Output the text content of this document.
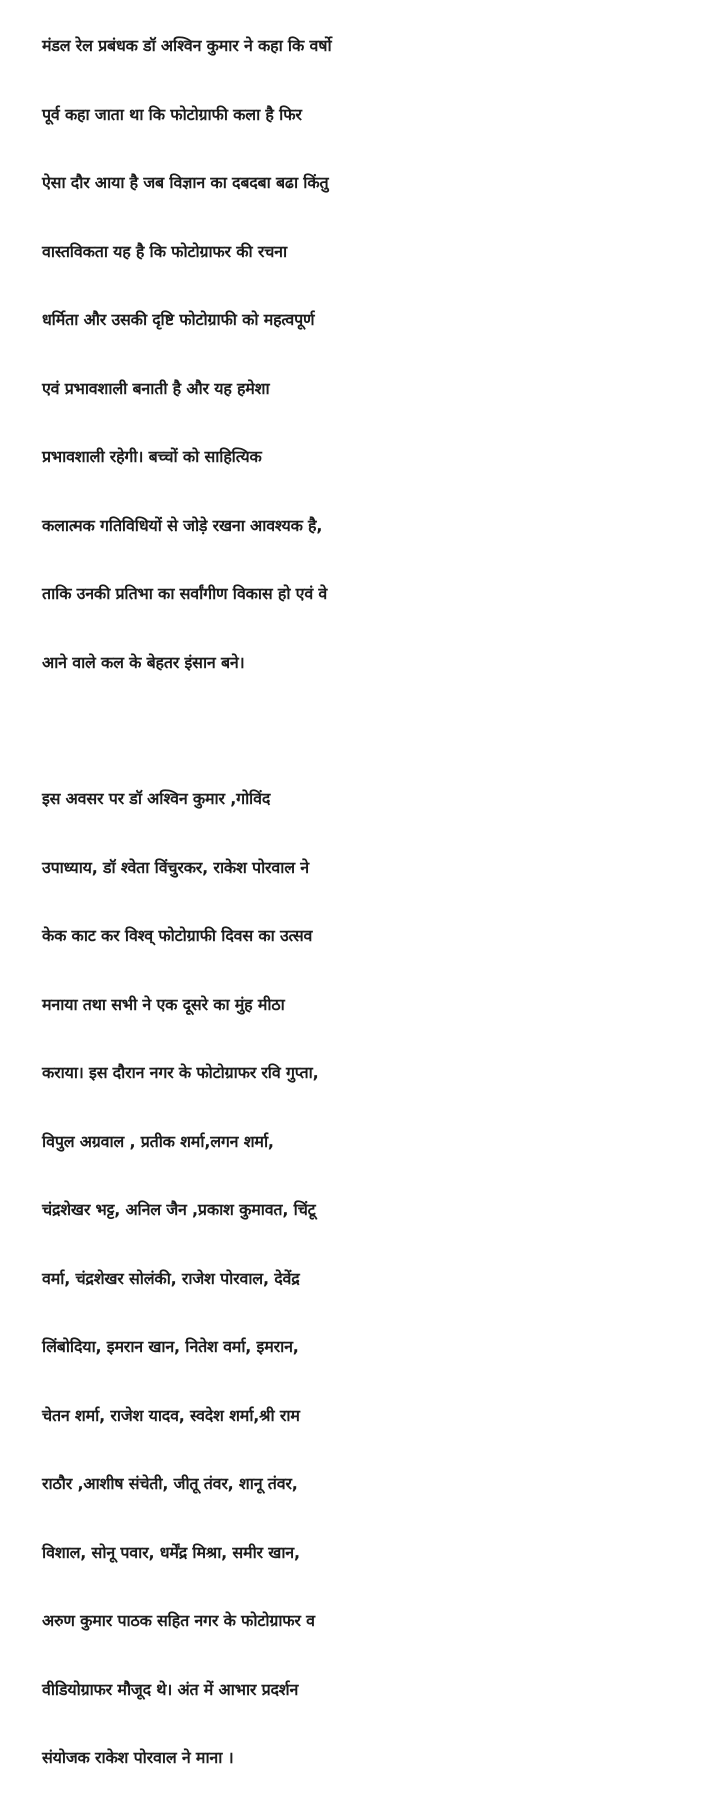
मंडल रेल प्रबंधक डॉ अश्विन कुमार ने कहा कि वर्षो
पूर्व कहा जाता था कि फोटोग्राफी कला है फिर
ऐसा दौर आया है जब विज्ञान का दबदबा बढा किंतु
वास्तविकता यह है कि फोटोग्राफर की रचना
धर्मिता और उसकी दृष्टि फोटोग्राफी को महत्वपूर्ण
एवं प्रभावशाली बनाती है और यह हमेशा
प्रभावशाली रहेगी। बच्चों को साहित्यिक
कलात्मक गतिविधियों से जोड़े रखना आवश्यक है,
ताकि उनकी प्रतिभा का सर्वांगीण विकास हो एवं वे
आने वाले कल के बेहतर इंसान बने।
इस अवसर पर डॉ अश्विन कुमार ,गोविंद
उपाध्याय, डॉ श्वेता विंचुरकर, राकेश पोरवाल ने
केक काट कर विश्व् फोटोग्राफी दिवस का उत्सव
मनाया तथा सभी ने एक दूसरे का मुंह मीठा
कराया। इस दौरान नगर के फोटोग्राफर रवि गुप्ता,
विपुल अग्रवाल , प्रतीक शर्मा,लगन शर्मा,
चंद्रशेखर भट्ट, अनिल जैन ,प्रकाश कुमावत, चिंटू
वर्मा, चंद्रशेखर सोलंकी, राजेश पोरवाल, देवेंद्र
लिंबोदिया, इमरान खान, नितेश वर्मा, इमरान,
चेतन शर्मा, राजेश यादव, स्वदेश शर्मा,श्री राम
राठौर ,आशीष संचेती, जीतू तंवर, शानू तंवर,
विशाल, सोनू पवार, धर्मेंद्र मिश्रा, समीर खान,
अरुण कुमार पाठक सहित नगर के फोटोग्राफर व
वीडियोग्राफर मौजूद थे। अंत में आभार प्रदर्शन
संयोजक राकेश पोरवाल ने माना ।
